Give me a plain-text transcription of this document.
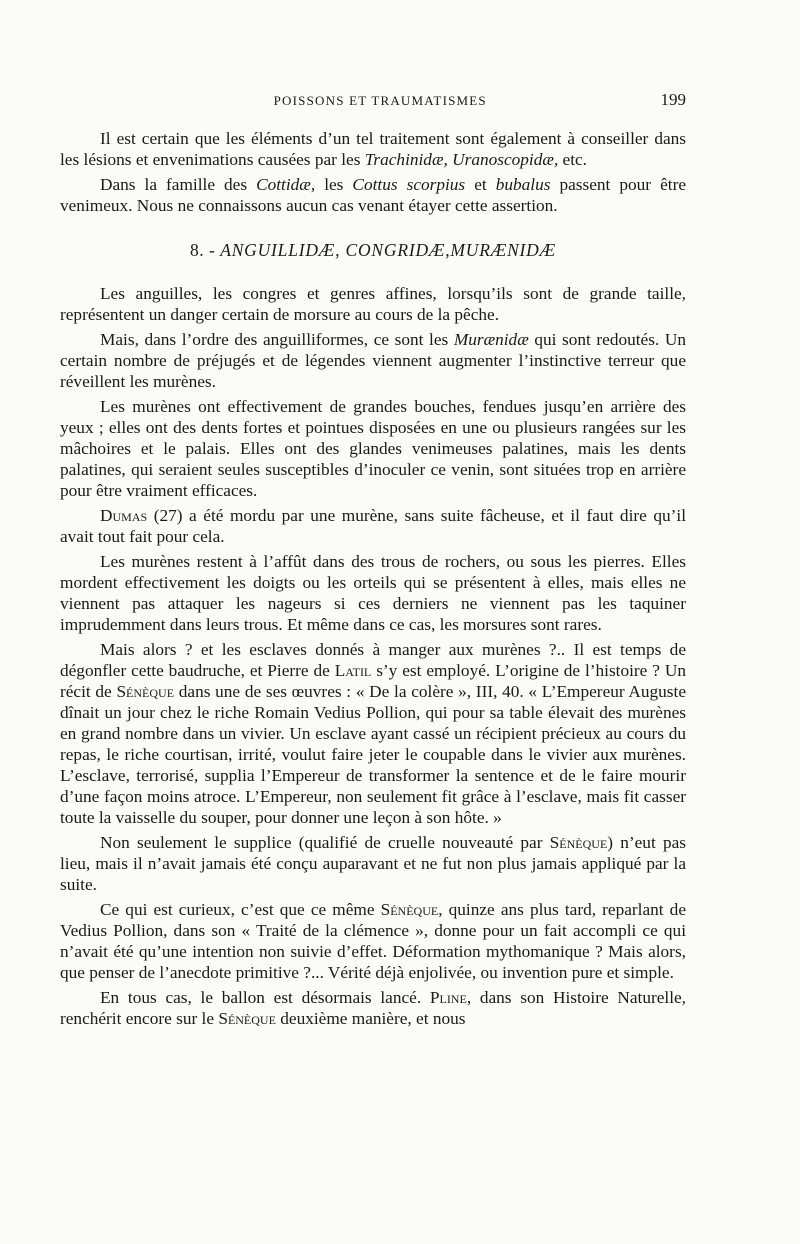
POISSONS ET TRAUMATISMES	199

Il est certain que les éléments d’un tel traitement sont également à conseiller dans les lésions et envenimations causées par les Trachinidæ, Uranoscopidæ, etc.

Dans la famille des Cottidæ, les Cottus scorpius et bubalus passent pour être venimeux. Nous ne connaissons aucun cas venant étayer cette assertion.

8. - ANGUILLIDÆ, CONGRIDÆ,MURÆNIDÆ

Les anguilles, les congres et genres affines, lorsqu’ils sont de grande taille, représentent un danger certain de morsure au cours de la pêche.

Mais, dans l’ordre des anguilliformes, ce sont les Murænidæ qui sont redoutés. Un certain nombre de préjugés et de légendes viennent augmenter l’instinctive terreur que réveillent les murènes.

Les murènes ont effectivement de grandes bouches, fendues jusqu’en arrière des yeux ; elles ont des dents fortes et pointues disposées en une ou plusieurs rangées sur les mâchoires et le palais. Elles ont des glandes venimeuses palatines, mais les dents palatines, qui seraient seules susceptibles d’inoculer ce venin, sont situées trop en arrière pour être vraiment efficaces.

Dumas (27) a été mordu par une murène, sans suite fâcheuse, et il faut dire qu’il avait tout fait pour cela.

Les murènes restent à l’affût dans des trous de rochers, ou sous les pierres. Elles mordent effectivement les doigts ou les orteils qui se présentent à elles, mais elles ne viennent pas attaquer les nageurs si ces derniers ne viennent pas les taquiner imprudemment dans leurs trous. Et même dans ce cas, les morsures sont rares.

Mais alors ? et les esclaves donnés à manger aux murènes ?.. Il est temps de dégonfler cette baudruche, et Pierre de Latil s’y est employé. L’origine de l’histoire ? Un récit de Sénèque dans une de ses œuvres : « De la colère », III, 40. « L’Empereur Auguste dînait un jour chez le riche Romain Vedius Pollion, qui pour sa table élevait des murènes en grand nombre dans un vivier. Un esclave ayant cassé un récipient précieux au cours du repas, le riche courtisan, irrité, voulut faire jeter le coupable dans le vivier aux murènes. L’esclave, terrorisé, supplia l’Empereur de transformer la sentence et de le faire mourir d’une façon moins atroce. L’Empereur, non seulement fit grâce à l’esclave, mais fit casser toute la vaisselle du souper, pour donner une leçon à son hôte. »

Non seulement le supplice (qualifié de cruelle nouveauté par Sénèque) n’eut pas lieu, mais il n’avait jamais été conçu auparavant et ne fut non plus jamais appliqué par la suite.

Ce qui est curieux, c’est que ce même Sénèque, quinze ans plus tard, reparlant de Vedius Pollion, dans son « Traité de la clémence », donne pour un fait accompli ce qui n’avait été qu’une intention non suivie d’effet. Déformation mythomanique ? Mais alors, que penser de l’anecdote primitive ?... Vérité déjà enjolivée, ou invention pure et simple.

En tous cas, le ballon est désormais lancé. Pline, dans son Histoire Naturelle, renchérit encore sur le Sénèque deuxième manière, et nous
